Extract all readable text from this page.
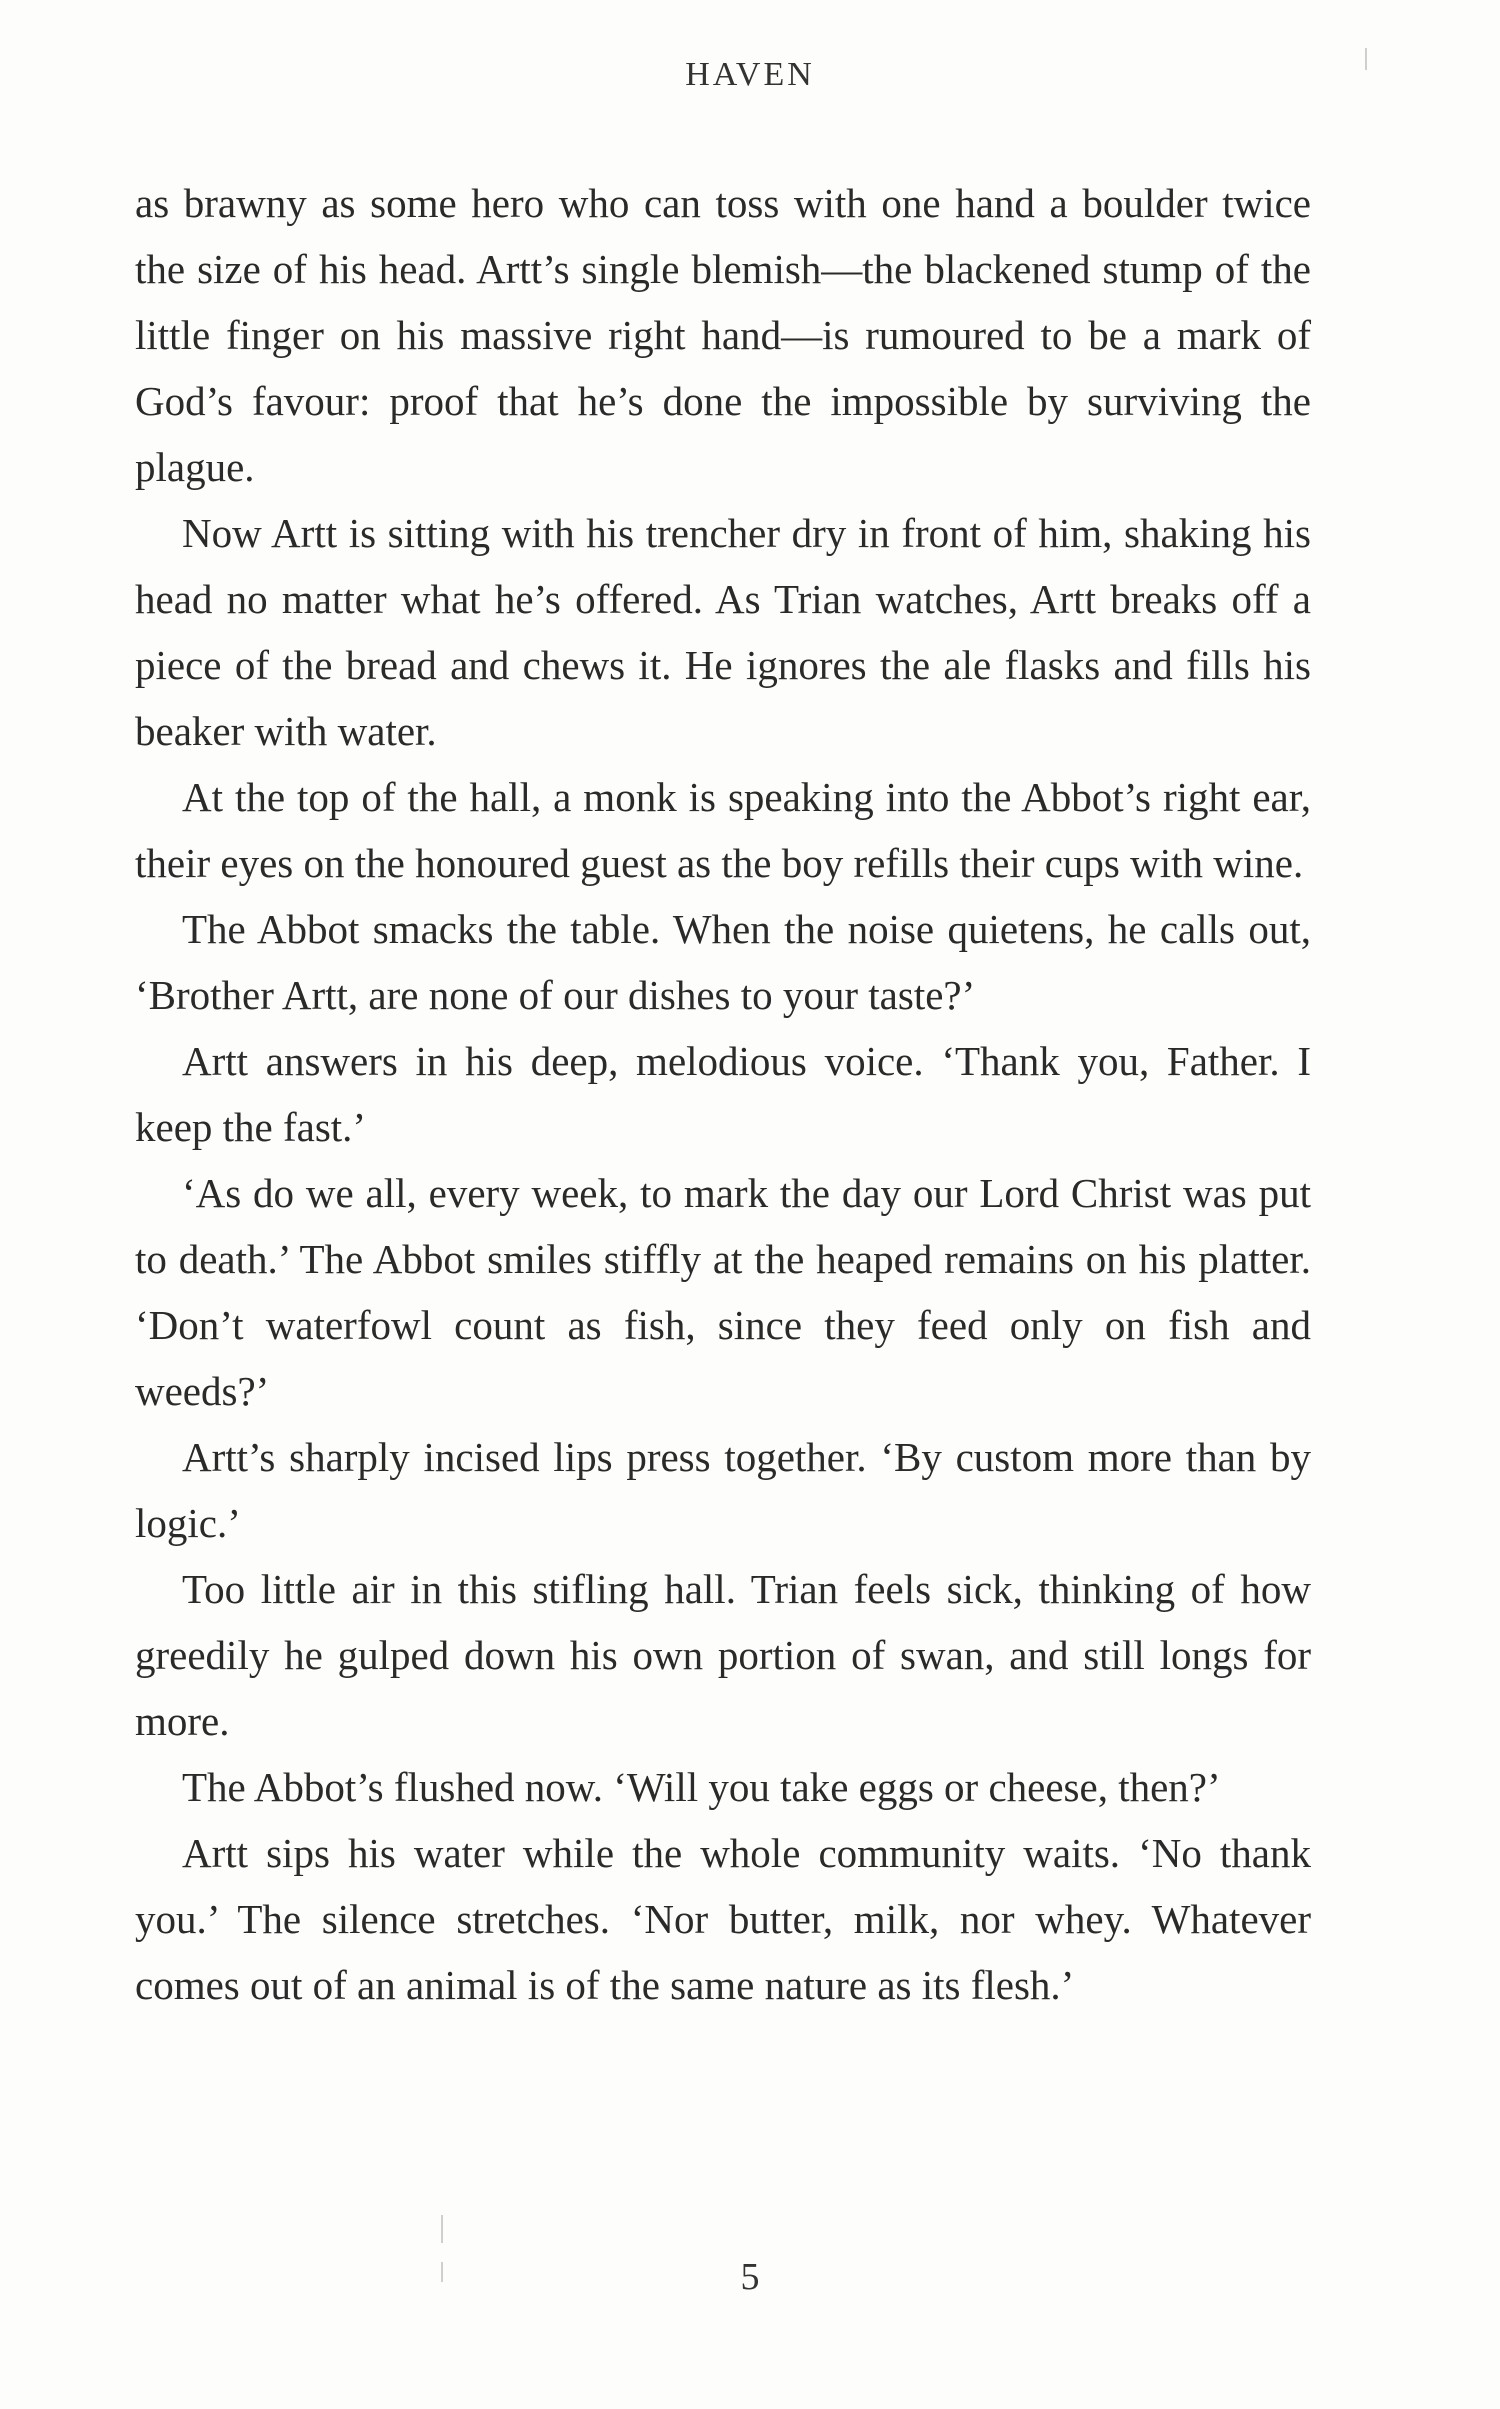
HAVEN

as brawny as some hero who can toss with one hand a boulder twice the size of his head. Artt’s single blemish—the blackened stump of the little finger on his massive right hand—is rumoured to be a mark of God’s favour: proof that he’s done the impossible by surviving the plague.

Now Artt is sitting with his trencher dry in front of him, shaking his head no matter what he’s offered. As Trian watches, Artt breaks off a piece of the bread and chews it. He ignores the ale flasks and fills his beaker with water.

At the top of the hall, a monk is speaking into the Abbot’s right ear, their eyes on the honoured guest as the boy refills their cups with wine.

The Abbot smacks the table. When the noise quietens, he calls out, ‘Brother Artt, are none of our dishes to your taste?’

Artt answers in his deep, melodious voice. ‘Thank you, Father. I keep the fast.’

‘As do we all, every week, to mark the day our Lord Christ was put to death.’ The Abbot smiles stiffly at the heaped remains on his platter. ‘Don’t waterfowl count as fish, since they feed only on fish and weeds?’

Artt’s sharply incised lips press together. ‘By custom more than by logic.’

Too little air in this stifling hall. Trian feels sick, thinking of how greedily he gulped down his own portion of swan, and still longs for more.

The Abbot’s flushed now. ‘Will you take eggs or cheese, then?’

Artt sips his water while the whole community waits. ‘No thank you.’ The silence stretches. ‘Nor butter, milk, nor whey. Whatever comes out of an animal is of the same nature as its flesh.’

5
